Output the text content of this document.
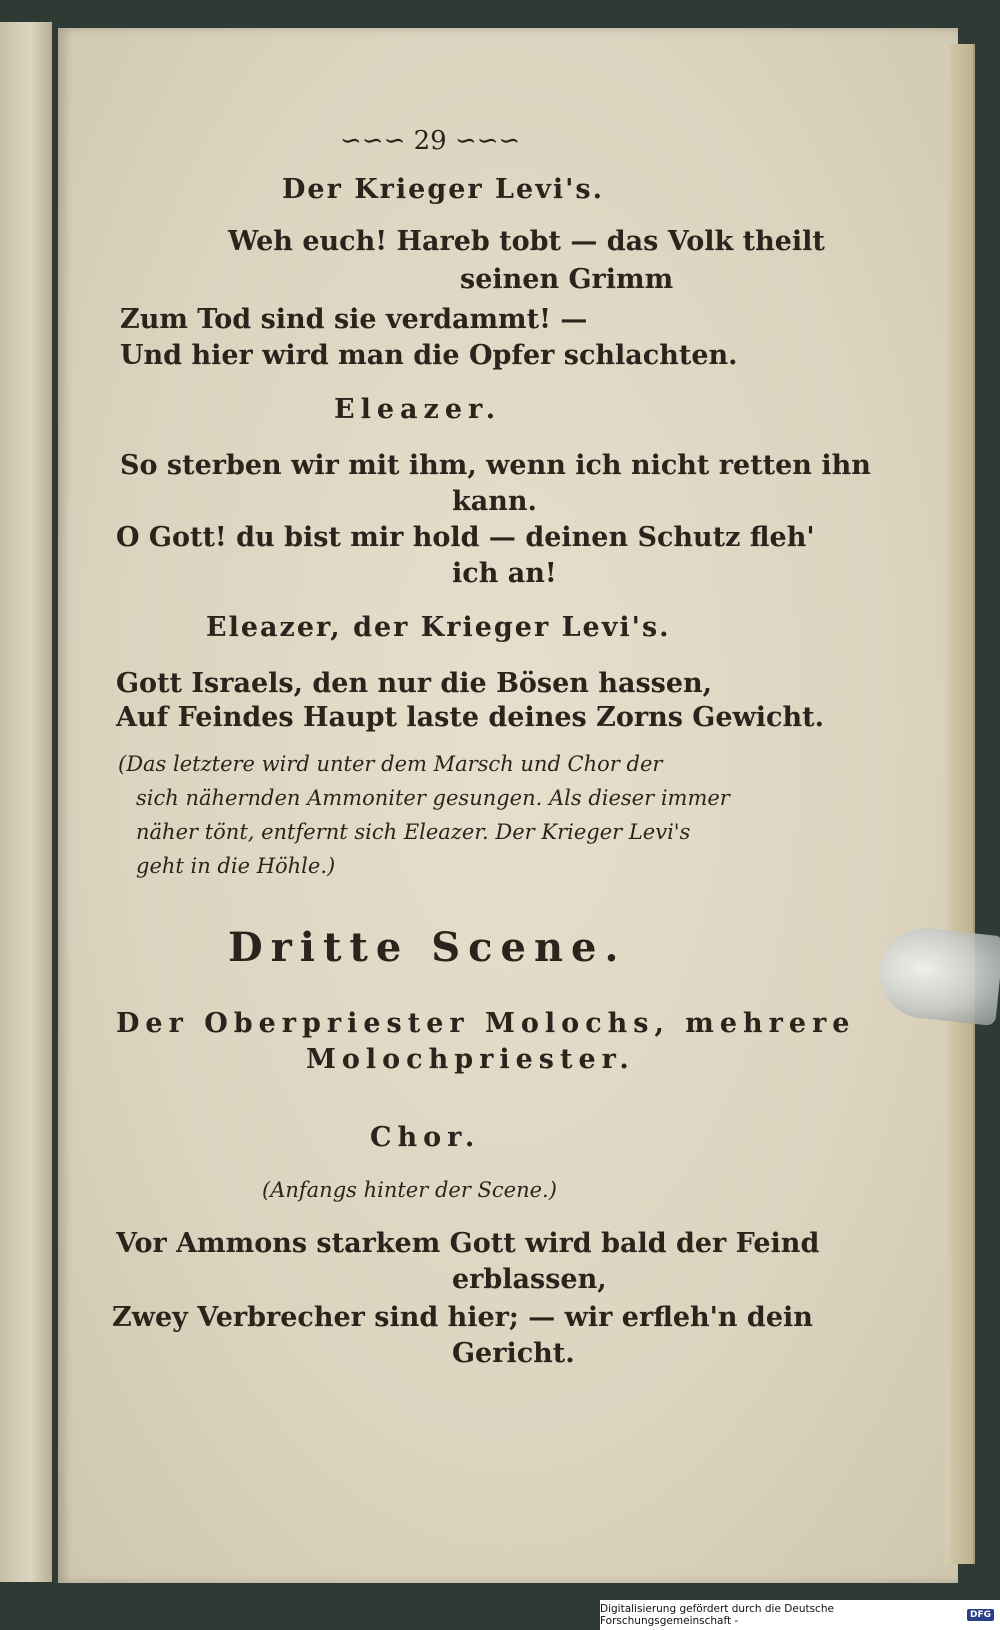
∽∽∽ 29 ∽∽∽

Der Krieger Levi's.

Weh euch! Hareb tobt — das Volk theilt

seinen Grimm

Zum Tod sind sie verdammt! —

Und hier wird man die Opfer schlachten.

Eleazer.

So sterben wir mit ihm, wenn ich nicht retten ihn

kann.

O Gott! du bist mir hold — deinen Schutz fleh'

ich an!

Eleazer, der Krieger Levi's.

Gott Israels, den nur die Bösen hassen,

Auf Feindes Haupt laste deines Zorns Gewicht.

(Das letztere wird unter dem Marsch und Chor der

sich nähernden Ammoniter gesungen. Als dieser immer

näher tönt, entfernt sich Eleazer. Der Krieger Levi's

geht in die Höhle.)

Dritte Scene.

Der Oberpriester Molochs, mehrere

Molochpriester.

Chor.

(Anfangs hinter der Scene.)

Vor Ammons starkem Gott wird bald der Feind

erblassen,

Zwey Verbrecher sind hier; — wir erfleh'n dein

Gericht.

Digitalisierung gefördert durch die Deutsche Forschungsgemeinschaft -	DFG
